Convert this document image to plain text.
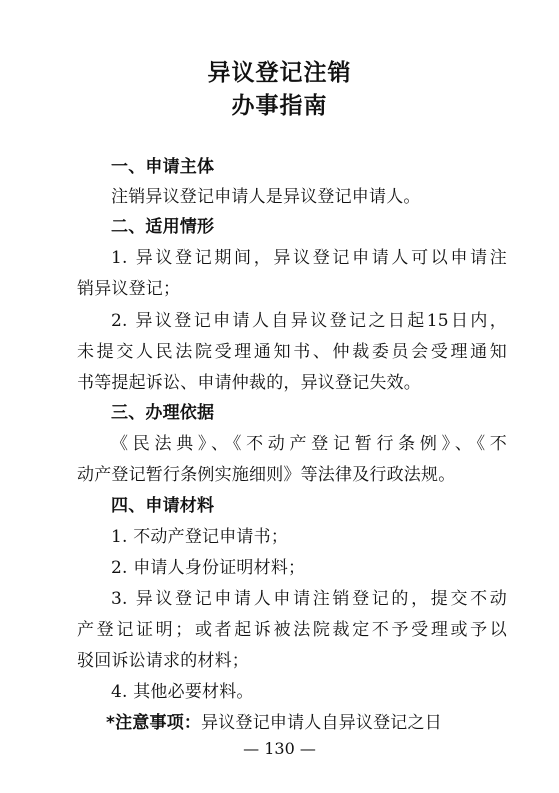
异议登记注销
办事指南
一、申请主体
注销异议登记申请人是异议登记申请人。
二、适用情形
1. 异议登记期间，异议登记申请人可以申请注
销异议登记；
2. 异议登记申请人自异议登记之日起15日内，
未提交人民法院受理通知书、仲裁委员会受理通知
书等提起诉讼、申请仲裁的，异议登记失效。
三、办理依据
《民法典》、《不动产登记暂行条例》、《不
动产登记暂行条例实施细则》等法律及行政法规。
四、申请材料
1. 不动产登记申请书；
2. 申请人身份证明材料；
3. 异议登记申请人申请注销登记的，提交不动
产登记证明；或者起诉被法院裁定不予受理或予以
驳回诉讼请求的材料；
4. 其他必要材料。
*注意事项：异议登记申请人自异议登记之日
— 130 —
